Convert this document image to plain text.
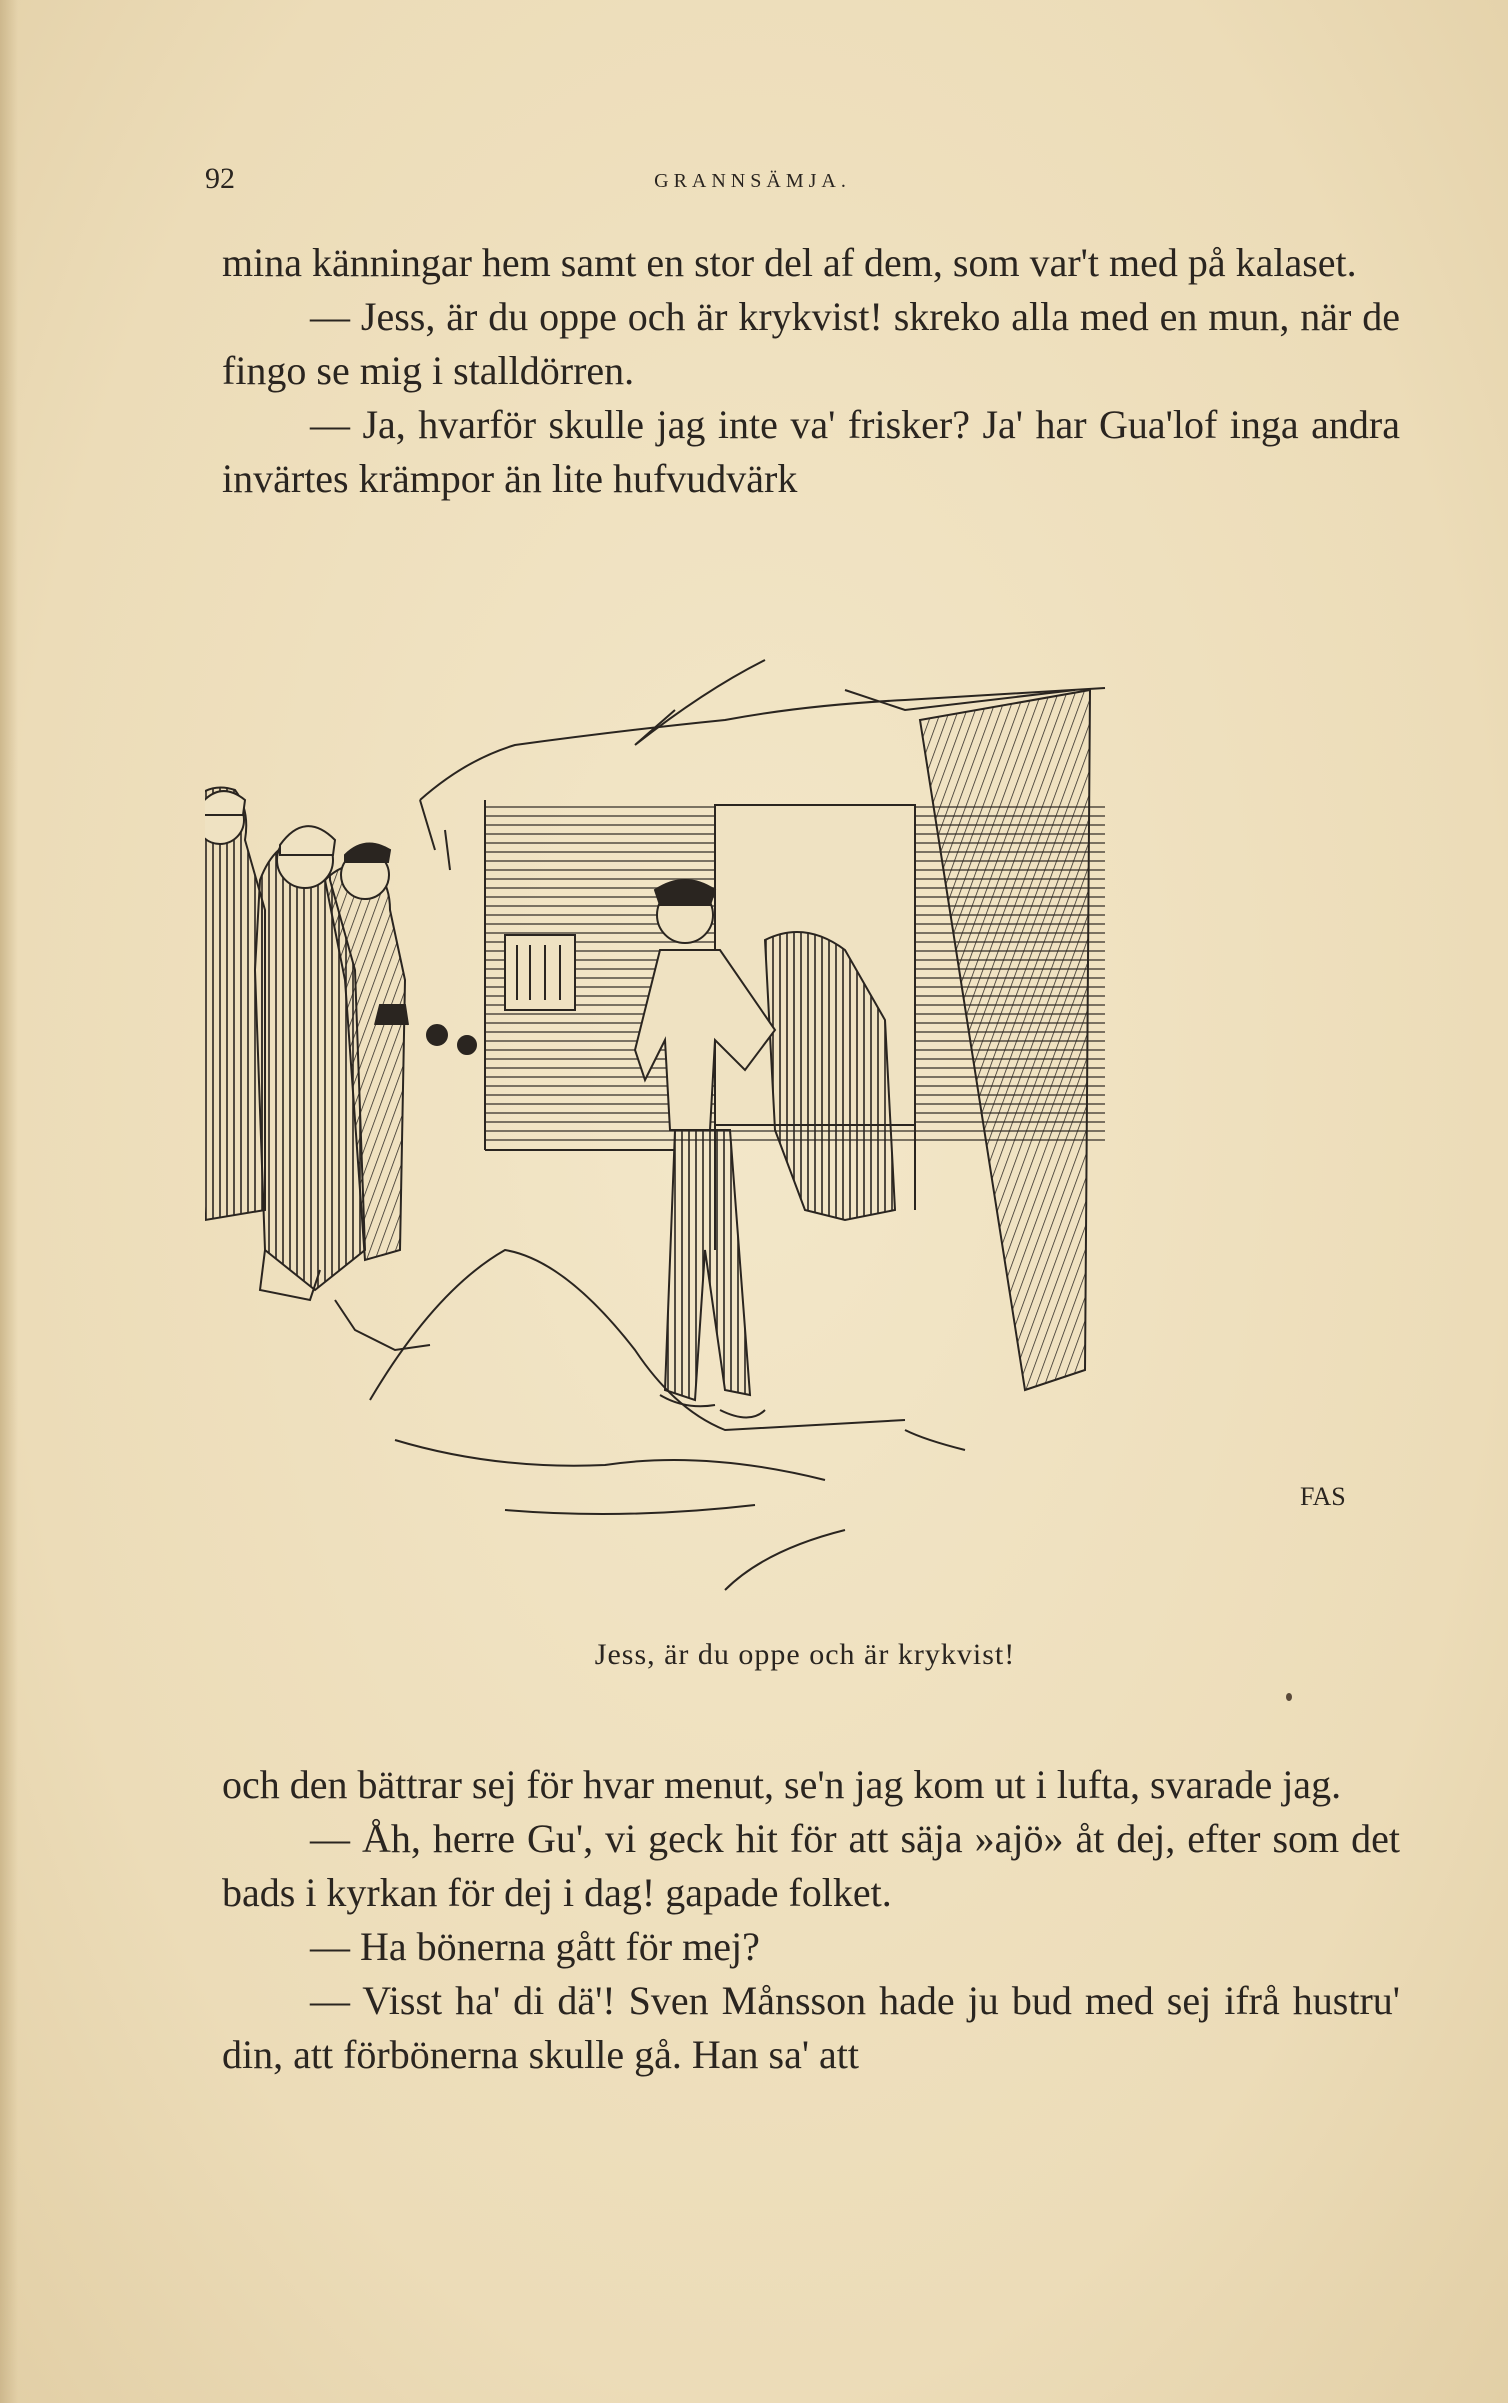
92	GRANNSÄMJA.

mina känningar hem samt en stor del af dem, som var't med på kalaset.

— Jess, är du oppe och är krykvist! skreko alla med en mun, när de fingo se mig i stalldörren.

— Ja, hvarför skulle jag inte va' frisker? Ja' har Gua'lof inga andra invärtes krämpor än lite hufvudvärk

FAS
Jess, är du oppe och är krykvist!

och den bättrar sej för hvar menut, se'n jag kom ut i lufta, svarade jag.

— Åh, herre Gu', vi geck hit för att säja »ajö» åt dej, efter som det bads i kyrkan för dej i dag! gapade folket.

— Ha bönerna gått för mej?

— Visst ha' di dä'! Sven Månsson hade ju bud med sej ifrå hustru' din, att förbönerna skulle gå. Han sa' att
